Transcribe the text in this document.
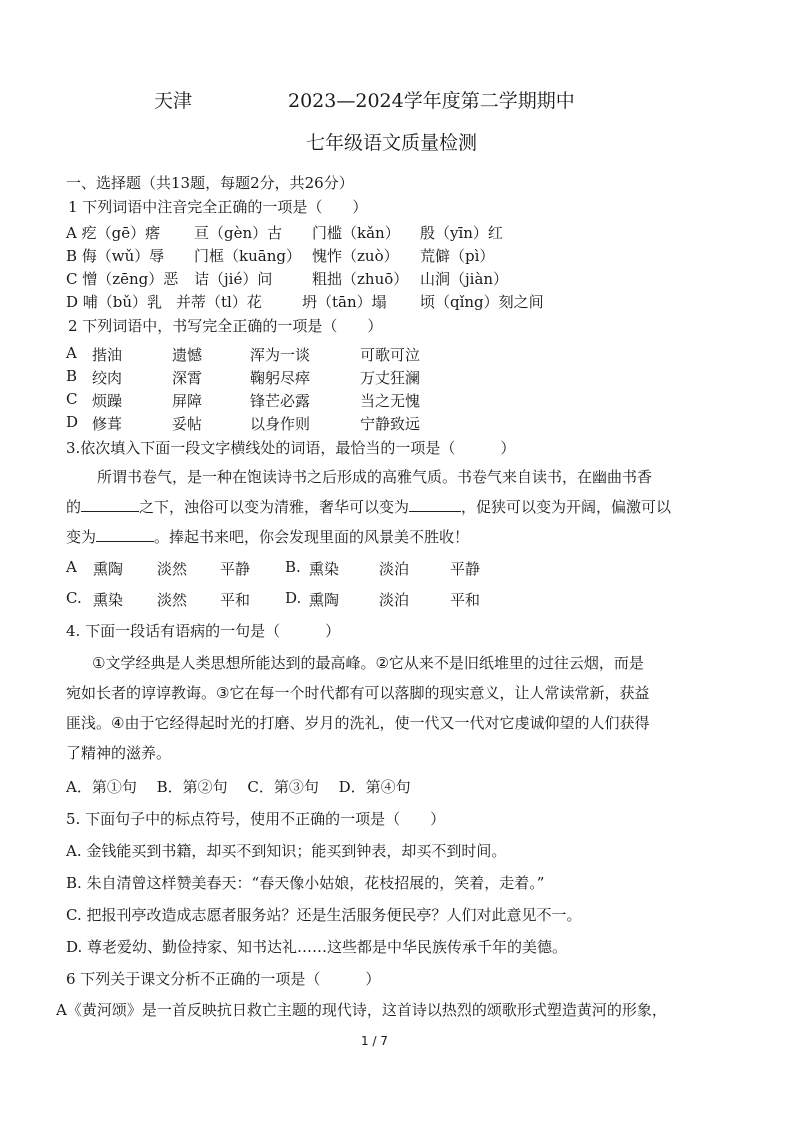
天津	2023—2024学年度第二学期期中
七年级语文质量检测
一、选择题（共13题，每题2分，共26分）
1 下列词语中注音完全正确的一项是（　　）
A 疙（gē）瘩 亘（gèn）古 门槛（kǎn） 殷（yīn）红
B 侮（wǔ）辱 门框（kuāng） 愧怍（zuò） 荒僻（pì）
C 憎（zēng）恶 诘（jié）问	粗拙（zhuō） 山涧（jiàn）
D 哺（bǔ）乳 并蒂（tl）花	坍（tān）塌 顷（qǐng）刻之间
2 下列词语中，书写完全正确的一项是（　　）
A 揩油	遗憾	浑为一谈	可歌可泣
B 绞肉	深霄	鞠躬尽瘁	万丈狂澜
C 烦躁	屏障	锋芒必露	当之无愧
D 修葺	妥帖	以身作则	宁静致远
3.依次填入下面一段文字横线处的词语，最恰当的一项是（　　　）
所谓书卷气，是一种在饱读诗书之后形成的高雅气质。书卷气来自读书，在幽曲书香
的	之下，浊俗可以变为清雅，奢华可以变为	，促狭可以变为开阔，偏激可以
变为	。捧起书来吧，你会发现里面的风景美不胜收！
A 熏陶 淡然 平静 B. 熏染	淡泊	平静
C. 熏染 淡然 平和 D. 熏陶	淡泊	平和
4. 下面一段话有语病的一句是（　　　）
①文学经典是人类思想所能达到的最高峰。②它从来不是旧纸堆里的过往云烟，而是
宛如长者的谆谆教诲。③它在每一个时代都有可以落脚的现实意义，让人常读常新，获益
匪浅。④由于它经得起时光的打磨、岁月的洗礼，使一代又一代对它虔诚仰望的人们获得
了精神的滋养。
A．第①句　 B．第②句　 C．第③句　 D．第④句
5. 下面句子中的标点符号，使用不正确的一项是（　　）
A. 金钱能买到书籍，却买不到知识；能买到钟表，却买不到时间。
B. 朱自清曾这样赞美春天：“春天像小姑娘，花枝招展的，笑着，走着。”
C. 把报刊亭改造成志愿者服务站？还是生活服务便民亭？人们对此意见不一。
D. 尊老爱幼、勤俭持家、知书达礼……这些都是中华民族传承千年的美德。
6 下列关于课文分析不正确的一项是（　　　）
A《黄河颂》是一首反映抗日救亡主题的现代诗，这首诗以热烈的颂歌形式塑造黄河的形象，
1 / 7
